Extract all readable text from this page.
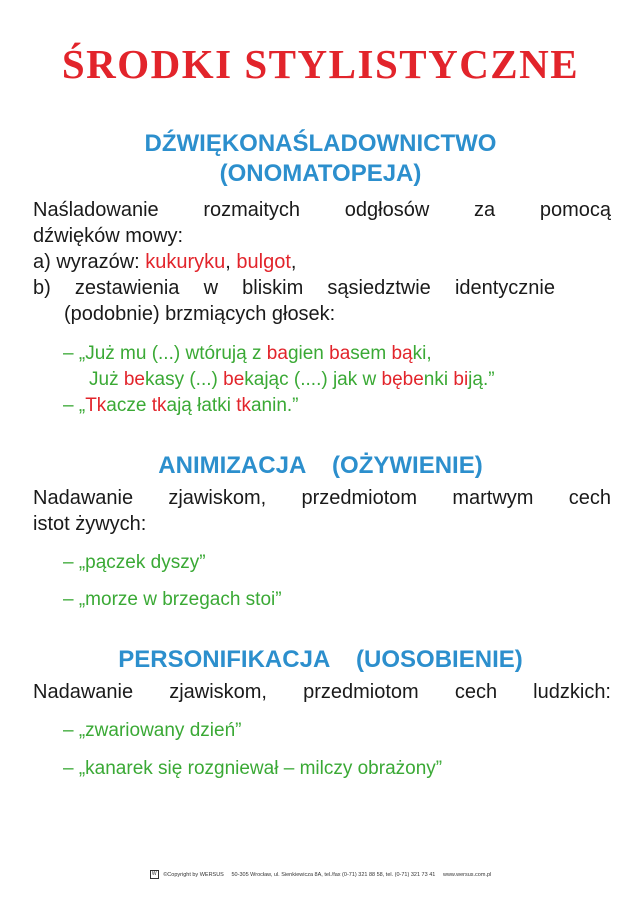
ŚRODKI STYLISTYCZNE
DŹWIĘKONAŚLADOWNICTWO
(ONOMATOPEJA)
Naśladowanie rozmaitych odgłosów za pomocą
dźwięków mowy:
a) wyrazów: kukuryku, bulgot,
b) zestawienia w bliskim sąsiedztwie identycznie
(podobnie) brzmiących głosek:
– „Już mu (...) wtórują z bagien basem bąki,
Już bekasy (...) bekając (....) jak w bębenki biją.”
– „Tkacze tkają łatki tkanin.”
ANIMIZACJA    (OŻYWIENIE)
Nadawanie zjawiskom, przedmiotom martwym cech
istot żywych:
– „pączek dyszy”
– „morze w brzegach stoi”
PERSONIFIKACJA    (UOSOBIENIE)
Nadawanie zjawiskom, przedmiotom cech ludzkich:
– „zwariowany dzień”
– „kanarek się rozgniewał – milczy obrażony”
W ©Copyright by WERSUS 50-305 Wrocław, ul. Sienkiewicza 8A, tel./fax (0-71) 321 88 58, tel. (0-71) 321 73 41 www.wersus.com.pl
